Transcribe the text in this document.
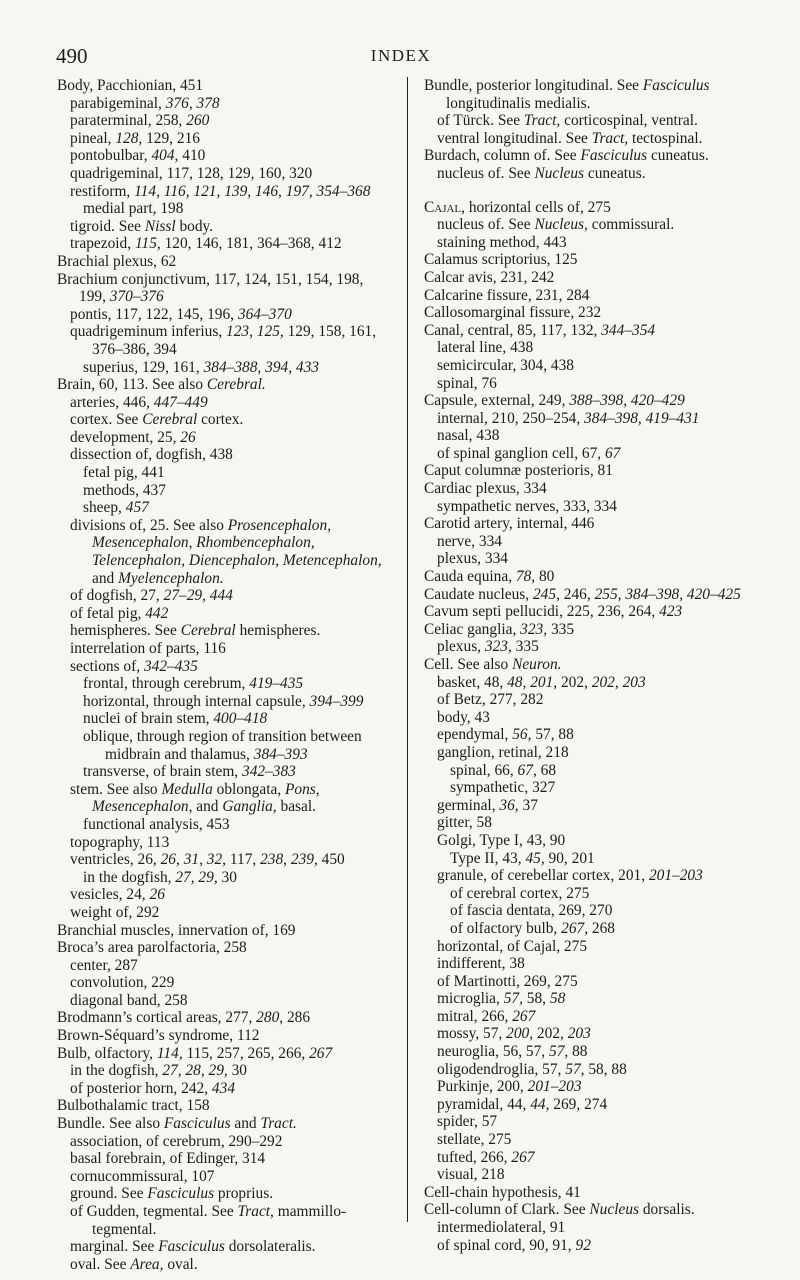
490	INDEX

Body, Pacchionian, 451

parabigeminal, 376, 378

paraterminal, 258, 260

pineal, 128, 129, 216

pontobulbar, 404, 410

quadrigeminal, 117, 128, 129, 160, 320

restiform, 114, 116, 121, 139, 146, 197, 354–368

medial part, 198

tigroid. See Nissl body.

trapezoid, 115, 120, 146, 181, 364–368, 412

Brachial plexus, 62

Brachium conjunctivum, 117, 124, 151, 154, 198, 199, 370–376

pontis, 117, 122, 145, 196, 364–370

quadrigeminum inferius, 123, 125, 129, 158, 161, 376–386, 394

superius, 129, 161, 384–388, 394, 433

Brain, 60, 113. See also Cerebral.

arteries, 446, 447–449

cortex. See Cerebral cortex.

development, 25, 26

dissection of, dogfish, 438

fetal pig, 441

methods, 437

sheep, 457

divisions of, 25. See also Prosencephalon, Mesencephalon, Rhombencephalon, Telencephalon, Diencephalon, Metencephalon, and Myelencephalon.

of dogfish, 27, 27–29, 444

of fetal pig, 442

hemispheres. See Cerebral hemispheres.

interrelation of parts, 116

sections of, 342–435

frontal, through cerebrum, 419–435

horizontal, through internal capsule, 394–399

nuclei of brain stem, 400–418

oblique, through region of transition between midbrain and thalamus, 384–393

transverse, of brain stem, 342–383

stem. See also Medulla oblongata, Pons, Mesencephalon, and Ganglia, basal.

functional analysis, 453

topography, 113

ventricles, 26, 26, 31, 32, 117, 238, 239, 450

in the dogfish, 27, 29, 30

vesicles, 24, 26

weight of, 292

Branchial muscles, innervation of, 169

Broca’s area parolfactoria, 258

center, 287

convolution, 229

diagonal band, 258

Brodmann’s cortical areas, 277, 280, 286

Brown-Séquard’s syndrome, 112

Bulb, olfactory, 114, 115, 257, 265, 266, 267

in the dogfish, 27, 28, 29, 30

of posterior horn, 242, 434

Bulbothalamic tract, 158

Bundle. See also Fasciculus and Tract.

association, of cerebrum, 290–292

basal forebrain, of Edinger, 314

cornucommissural, 107

ground. See Fasciculus proprius.

of Gudden, tegmental. See Tract, mammillo-tegmental.

marginal. See Fasciculus dorsolateralis.

oval. See Area, oval.

Bundle, posterior longitudinal. See Fasciculus longitudinalis medialis.

of Türck. See Tract, corticospinal, ventral.

ventral longitudinal. See Tract, tectospinal.

Burdach, column of. See Fasciculus cuneatus.

nucleus of. See Nucleus cuneatus.

Cajal, horizontal cells of, 275

nucleus of. See Nucleus, commissural.

staining method, 443

Calamus scriptorius, 125

Calcar avis, 231, 242

Calcarine fissure, 231, 284

Callosomarginal fissure, 232

Canal, central, 85, 117, 132, 344–354

lateral line, 438

semicircular, 304, 438

spinal, 76

Capsule, external, 249, 388–398, 420–429

internal, 210, 250–254, 384–398, 419–431

nasal, 438

of spinal ganglion cell, 67, 67

Caput columnæ posterioris, 81

Cardiac plexus, 334

sympathetic nerves, 333, 334

Carotid artery, internal, 446

nerve, 334

plexus, 334

Cauda equina, 78, 80

Caudate nucleus, 245, 246, 255, 384–398, 420–425

Cavum septi pellucidi, 225, 236, 264, 423

Celiac ganglia, 323, 335

plexus, 323, 335

Cell. See also Neuron.

basket, 48, 48, 201, 202, 202, 203

of Betz, 277, 282

body, 43

ependymal, 56, 57, 88

ganglion, retinal, 218

spinal, 66, 67, 68

sympathetic, 327

germinal, 36, 37

gitter, 58

Golgi, Type I, 43, 90

Type II, 43, 45, 90, 201

granule, of cerebellar cortex, 201, 201–203

of cerebral cortex, 275

of fascia dentata, 269, 270

of olfactory bulb, 267, 268

horizontal, of Cajal, 275

indifferent, 38

of Martinotti, 269, 275

microglia, 57, 58, 58

mitral, 266, 267

mossy, 57, 200, 202, 203

neuroglia, 56, 57, 57, 88

oligodendroglia, 57, 57, 58, 88

Purkinje, 200, 201–203

pyramidal, 44, 44, 269, 274

spider, 57

stellate, 275

tufted, 266, 267

visual, 218

Cell-chain hypothesis, 41

Cell-column of Clark. See Nucleus dorsalis.

intermediolateral, 91

of spinal cord, 90, 91, 92
